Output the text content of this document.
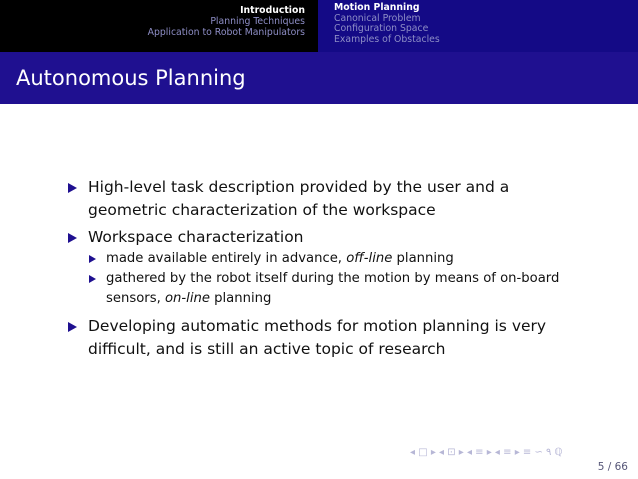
Introduction
Planning Techniques
Application to Robot Manipulators
Motion Planning
Canonical Problem
Configuration Space
Examples of Obstacles
Autonomous Planning
High-level task description provided by the user and a geometric characterization of the workspace
Workspace characterization
made available entirely in advance, off-line planning
gathered by the robot itself during the motion by means of on-board sensors, on-line planning
Developing automatic methods for motion planning is very difficult, and is still an active topic of research
◂ □ ▸ ◂ ⊡ ▸ ◂ ≡ ▸ ◂ ≡ ▸ ≡ ∽ ۹ ℚ
5 / 66
